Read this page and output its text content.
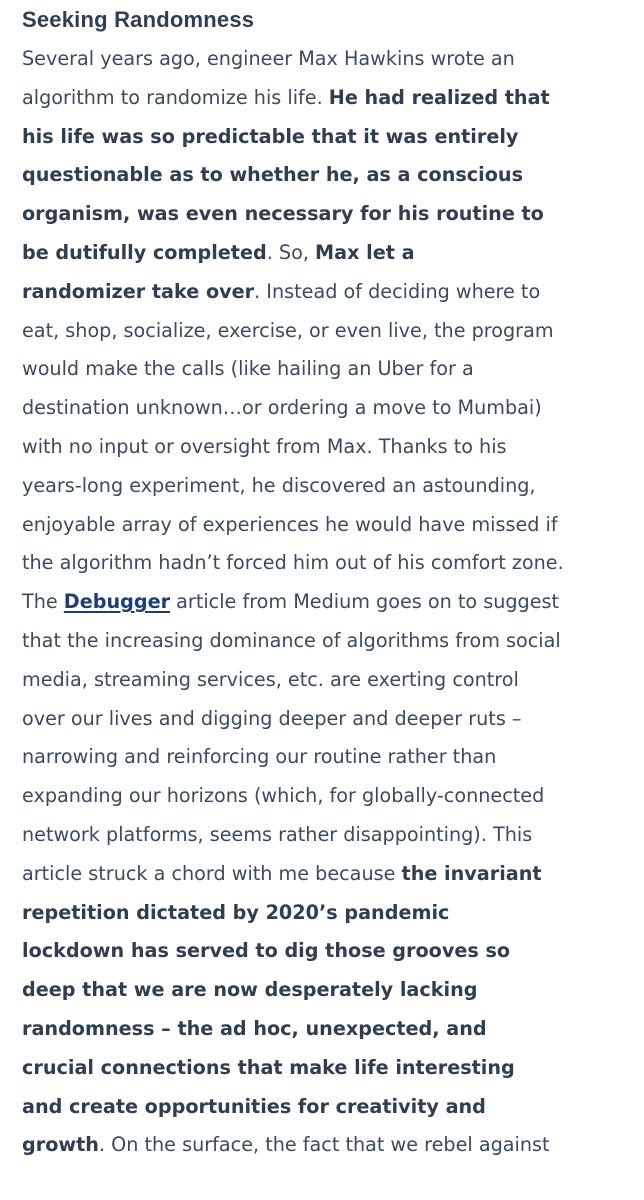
Seeking Randomness
Several years ago, engineer Max Hawkins wrote an
algorithm to randomize his life. He had realized that
his life was so predictable that it was entirely
questionable as to whether he, as a conscious
organism, was even necessary for his routine to
be dutifully completed. So, Max let a
randomizer take over. Instead of deciding where to
eat, shop, socialize, exercise, or even live, the program
would make the calls (like hailing an Uber for a
destination unknown…or ordering a move to Mumbai)
with no input or oversight from Max. Thanks to his
years-long experiment, he discovered an astounding,
enjoyable array of experiences he would have missed if
the algorithm hadn’t forced him out of his comfort zone.
The Debugger article from Medium goes on to suggest
that the increasing dominance of algorithms from social
media, streaming services, etc. are exerting control
over our lives and digging deeper and deeper ruts –
narrowing and reinforcing our routine rather than
expanding our horizons (which, for globally-connected
network platforms, seems rather disappointing). This
article struck a chord with me because the invariant
repetition dictated by 2020’s pandemic
lockdown has served to dig those grooves so
deep that we are now desperately lacking
randomness – the ad hoc, unexpected, and
crucial connections that make life interesting
and create opportunities for creativity and
growth. On the surface, the fact that we rebel against
